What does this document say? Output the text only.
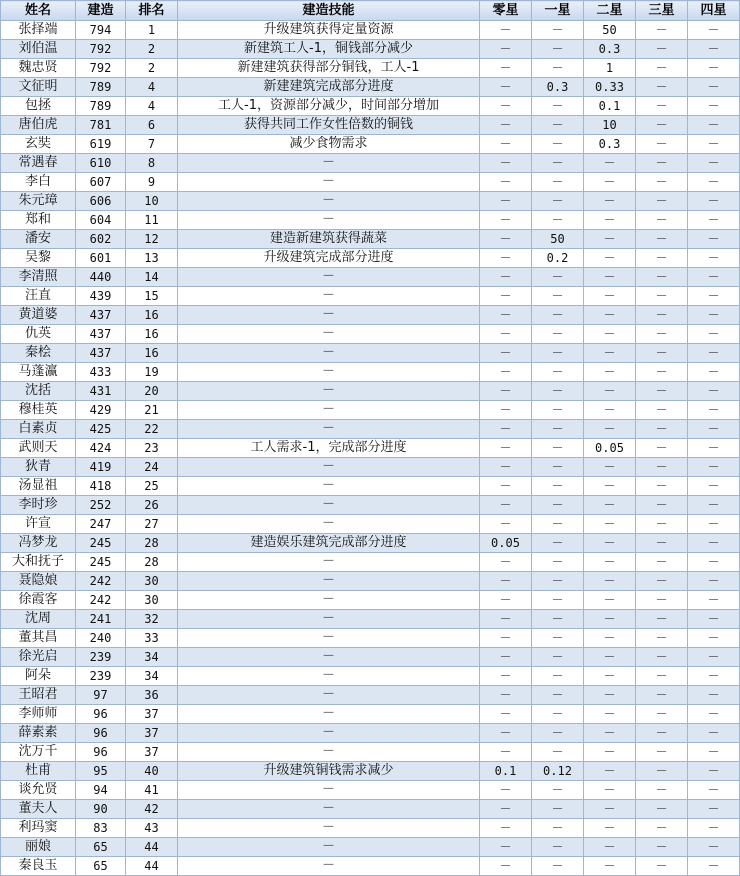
姓名	建造	排名	建造技能	零星	一星	二星	三星	四星
张择端	794	1	升级建筑获得定量资源	－	－	50	－	－
刘伯温	792	2	新建筑工人-1，铜钱部分减少	－	－	0.3	－	－
魏忠贤	792	2	新建建筑获得部分铜钱，工人-1	－	－	1	－	－
文征明	789	4	新建建筑完成部分进度	－	0.3	0.33	－	－
包拯	789	4	工人-1，资源部分减少，时间部分增加	－	－	0.1	－	－
唐伯虎	781	6	获得共同工作女性倍数的铜钱	－	－	10	－	－
玄奘	619	7	减少食物需求	－	－	0.3	－	－
常遇春	610	8	－	－	－	－	－	－
李白	607	9	－	－	－	－	－	－
朱元璋	606	10	－	－	－	－	－	－
郑和	604	11	－	－	－	－	－	－
潘安	602	12	建造新建筑获得蔬菜	－	50	－	－	－
吴黎	601	13	升级建筑完成部分进度	－	0.2	－	－	－
李清照	440	14	－	－	－	－	－	－
汪直	439	15	－	－	－	－	－	－
黄道婆	437	16	－	－	－	－	－	－
仇英	437	16	－	－	－	－	－	－
秦桧	437	16	－	－	－	－	－	－
马蓬瀛	433	19	－	－	－	－	－	－
沈括	431	20	－	－	－	－	－	－
穆桂英	429	21	－	－	－	－	－	－
白素贞	425	22	－	－	－	－	－	－
武则天	424	23	工人需求-1，完成部分进度	－	－	0.05	－	－
狄青	419	24	－	－	－	－	－	－
汤显祖	418	25	－	－	－	－	－	－
李时珍	252	26	－	－	－	－	－	－
许宣	247	27	－	－	－	－	－	－
冯梦龙	245	28	建造娱乐建筑完成部分进度	0.05	－	－	－	－
大和抚子	245	28	－	－	－	－	－	－
聂隐娘	242	30	－	－	－	－	－	－
徐霞客	242	30	－	－	－	－	－	－
沈周	241	32	－	－	－	－	－	－
董其昌	240	33	－	－	－	－	－	－
徐光启	239	34	－	－	－	－	－	－
阿朵	239	34	－	－	－	－	－	－
王昭君	97	36	－	－	－	－	－	－
李师师	96	37	－	－	－	－	－	－
薛素素	96	37	－	－	－	－	－	－
沈万千	96	37	－	－	－	－	－	－
杜甫	95	40	升级建筑铜钱需求减少	0.1	0.12	－	－	－
谈允贤	94	41	－	－	－	－	－	－
董夫人	90	42	－	－	－	－	－	－
利玛窦	83	43	－	－	－	－	－	－
丽娘	65	44	－	－	－	－	－	－
秦良玉	65	44	－	－	－	－	－	－
